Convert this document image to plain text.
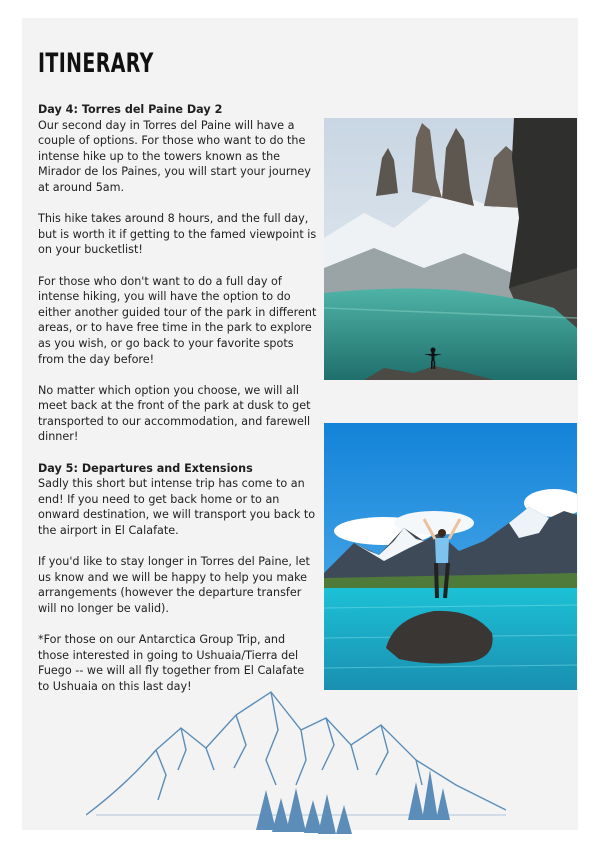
ITINERARY

Day 4: Torres del Paine Day 2
Our second day in Torres del Paine will have a couple of options. For those who want to do the intense hike up to the towers known as the Mirador de los Paines, you will start your journey at around 5am.

This hike takes around 8 hours, and the full day, but is worth it if getting to the famed viewpoint is on your bucketlist!

For those who don't want to do a full day of intense hiking, you will have the option to do either another guided tour of the park in different areas, or to have free time in the park to explore as you wish, or go back to your favorite spots from the day before!

No matter which option you choose, we will all meet back at the front of the park at dusk to get transported to our accommodation, and farewell dinner!

Day 5: Departures and Extensions
Sadly this short but intense trip has come to an end! If you need to get back home or to an onward destination, we will transport you back to the airport in El Calafate.

If you'd like to stay longer in Torres del Paine, let us know and we will be happy to help you make arrangements (however the departure transfer will no longer be valid).

*For those on our Antarctica Group Trip, and those interested in going to Ushuaia/Tierra del Fuego -- we will all fly together from El Calafate to Ushuaia on this last day!
